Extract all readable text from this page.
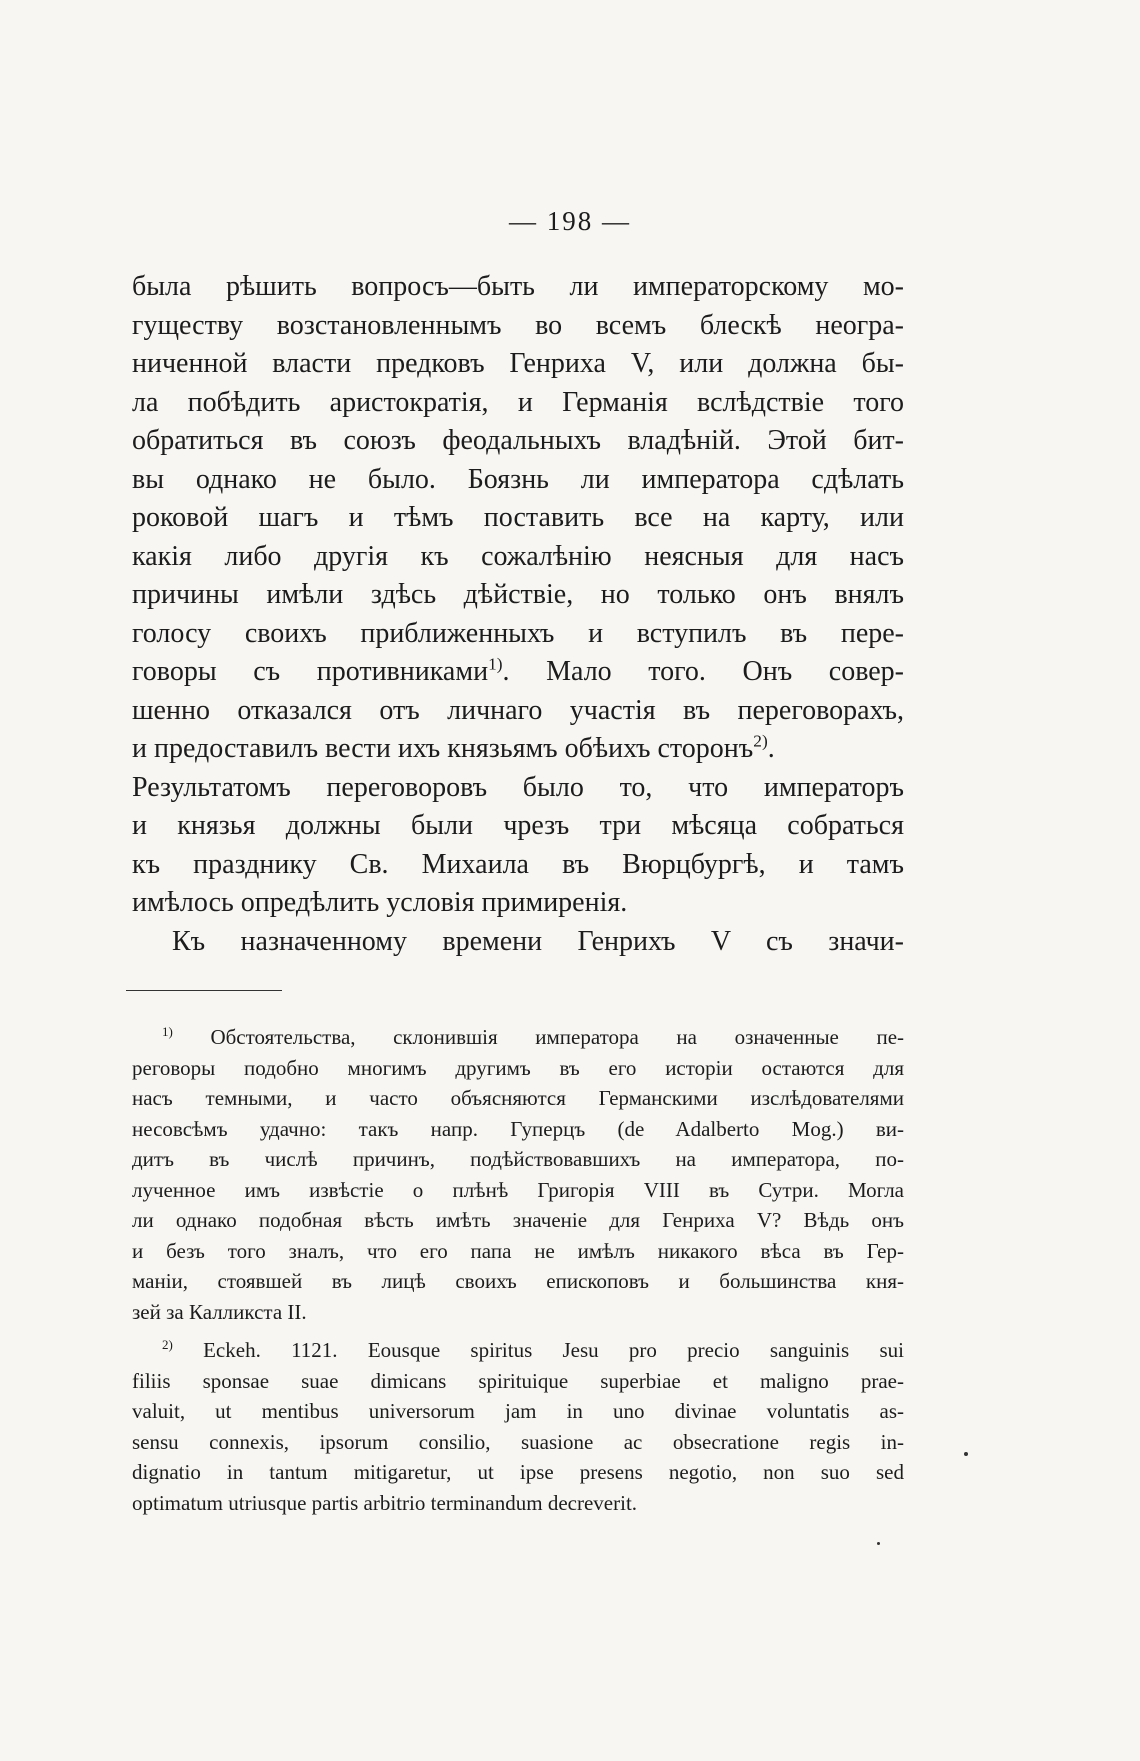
— 198 —
была рѣшить вопросъ—быть ли императорскому мо-
гуществу возстановленнымъ во всемъ блескѣ неогра-
ниченной власти предковъ Генриха V, или должна бы-
ла побѣдить аристократія, и Германія вслѣдствіе того
обратиться въ союзъ феодальныхъ владѣній. Этой бит-
вы однако не было. Боязнь ли императора сдѣлать
роковой шагъ и тѣмъ поставить все на карту, или
какія либо другія къ сожалѣнію неясныя для насъ
причины имѣли здѣсь дѣйствіе, но только онъ внялъ
голосу своихъ приближенныхъ и вступилъ въ пере-
говоры съ противниками$^{1)}$. Мало того. Онъ совер-
шенно отказался отъ личнаго участія въ переговорахъ,
и предоставилъ вести ихъ князьямъ обѣихъ сторонъ$^{2)}$.
Результатомъ переговоровъ было то, что императоръ
и князья должны были чрезъ три мѣсяца собраться
къ празднику Св. Михаила въ Вюрцбургѣ, и тамъ
имѣлось опредѣлить условія примиренія.
Къ назначенному времени Генрихъ V съ значи-
$^{1)}$ Обстоятельства, склонившія императора на означенные пе-
реговоры подобно многимъ другимъ въ его исторіи остаются для
насъ темными, и часто объясняются Германскими изслѣдователями
несовсѣмъ удачно: такъ напр. Гуперцъ (de Adalberto Mog.) ви-
дитъ въ числѣ причинъ, подѣйствовавшихъ на императора, по-
лученное имъ извѣстіе о плѣнѣ Григорія VIII въ Сутри. Могла
ли однако подобная вѣсть имѣть значеніе для Генриха V? Вѣдь онъ
и безъ того зналъ, что его папа не имѣлъ никакого вѣса въ Гер-
маніи, стоявшей въ лицѣ своихъ епископовъ и большинства кня-
зей за Калликста II.
$^{2)}$ Eckeh. 1121. Eousque spiritus Jesu pro precio sanguinis sui
filiis sponsae suae dimicans spirituique superbiae et maligno prae-
valuit, ut mentibus universorum jam in uno divinae voluntatis as-
sensu connexis, ipsorum consilio, suasione ac obsecratione regis in-
dignatio in tantum mitigaretur, ut ipse presens negotio, non suo sed
optimatum utriusque partis arbitrio terminandum decreverit.
